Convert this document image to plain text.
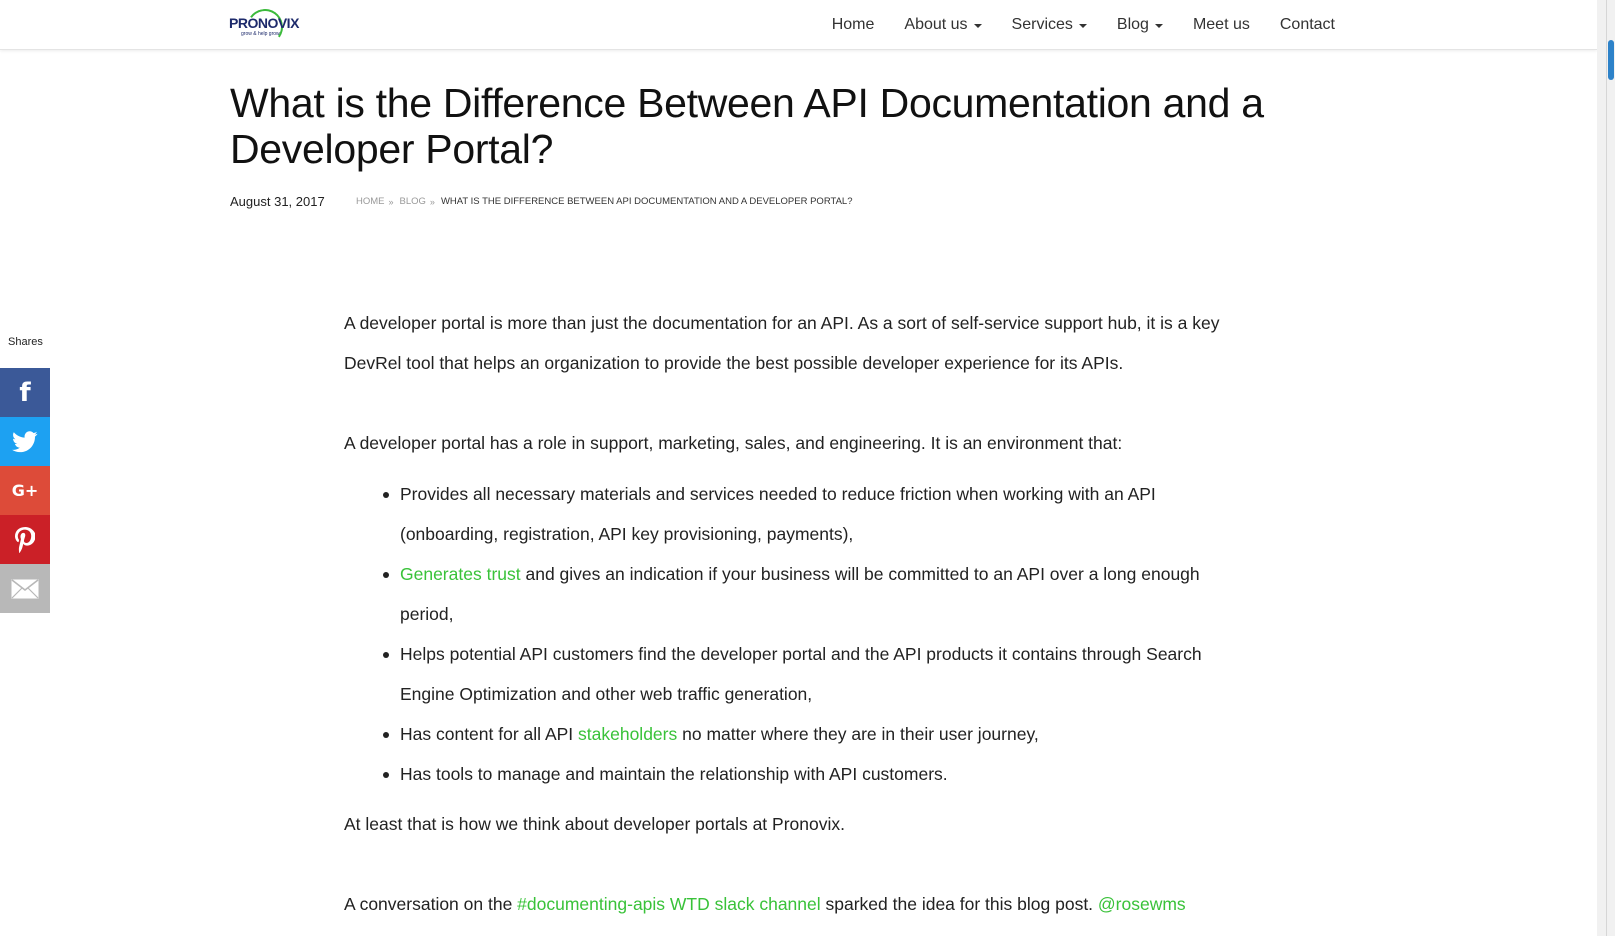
PRONOVIX
grow & help grow
Home About us	Services	Blog	Meet us Contact
What is the Difference Between API Documentation and a Developer Portal?
August 31, 2017	HOME » BLOG » WHAT IS THE DIFFERENCE BETWEEN API DOCUMENTATION AND A DEVELOPER PORTAL?
Shares
f
G+

A developer portal is more than just the documentation for an API. As a sort of self-service support hub, it is a key DevRel tool that helps an organization to provide the best possible developer experience for its APIs.

A developer portal has a role in support, marketing, sales, and engineering. It is an environment that:

Provides all necessary materials and services needed to reduce friction when working with an API (onboarding, registration, API key provisioning, payments),
Generates trust and gives an indication if your business will be committed to an API over a long enough period,
Helps potential API customers find the developer portal and the API products it contains through Search Engine Optimization and other web traffic generation,
Has content for all API stakeholders no matter where they are in their user journey,
Has tools to manage and maintain the relationship with API customers.

At least that is how we think about developer portals at Pronovix.

A conversation on the #documenting-apis WTD slack channel sparked the idea for this blog post. @rosewms
